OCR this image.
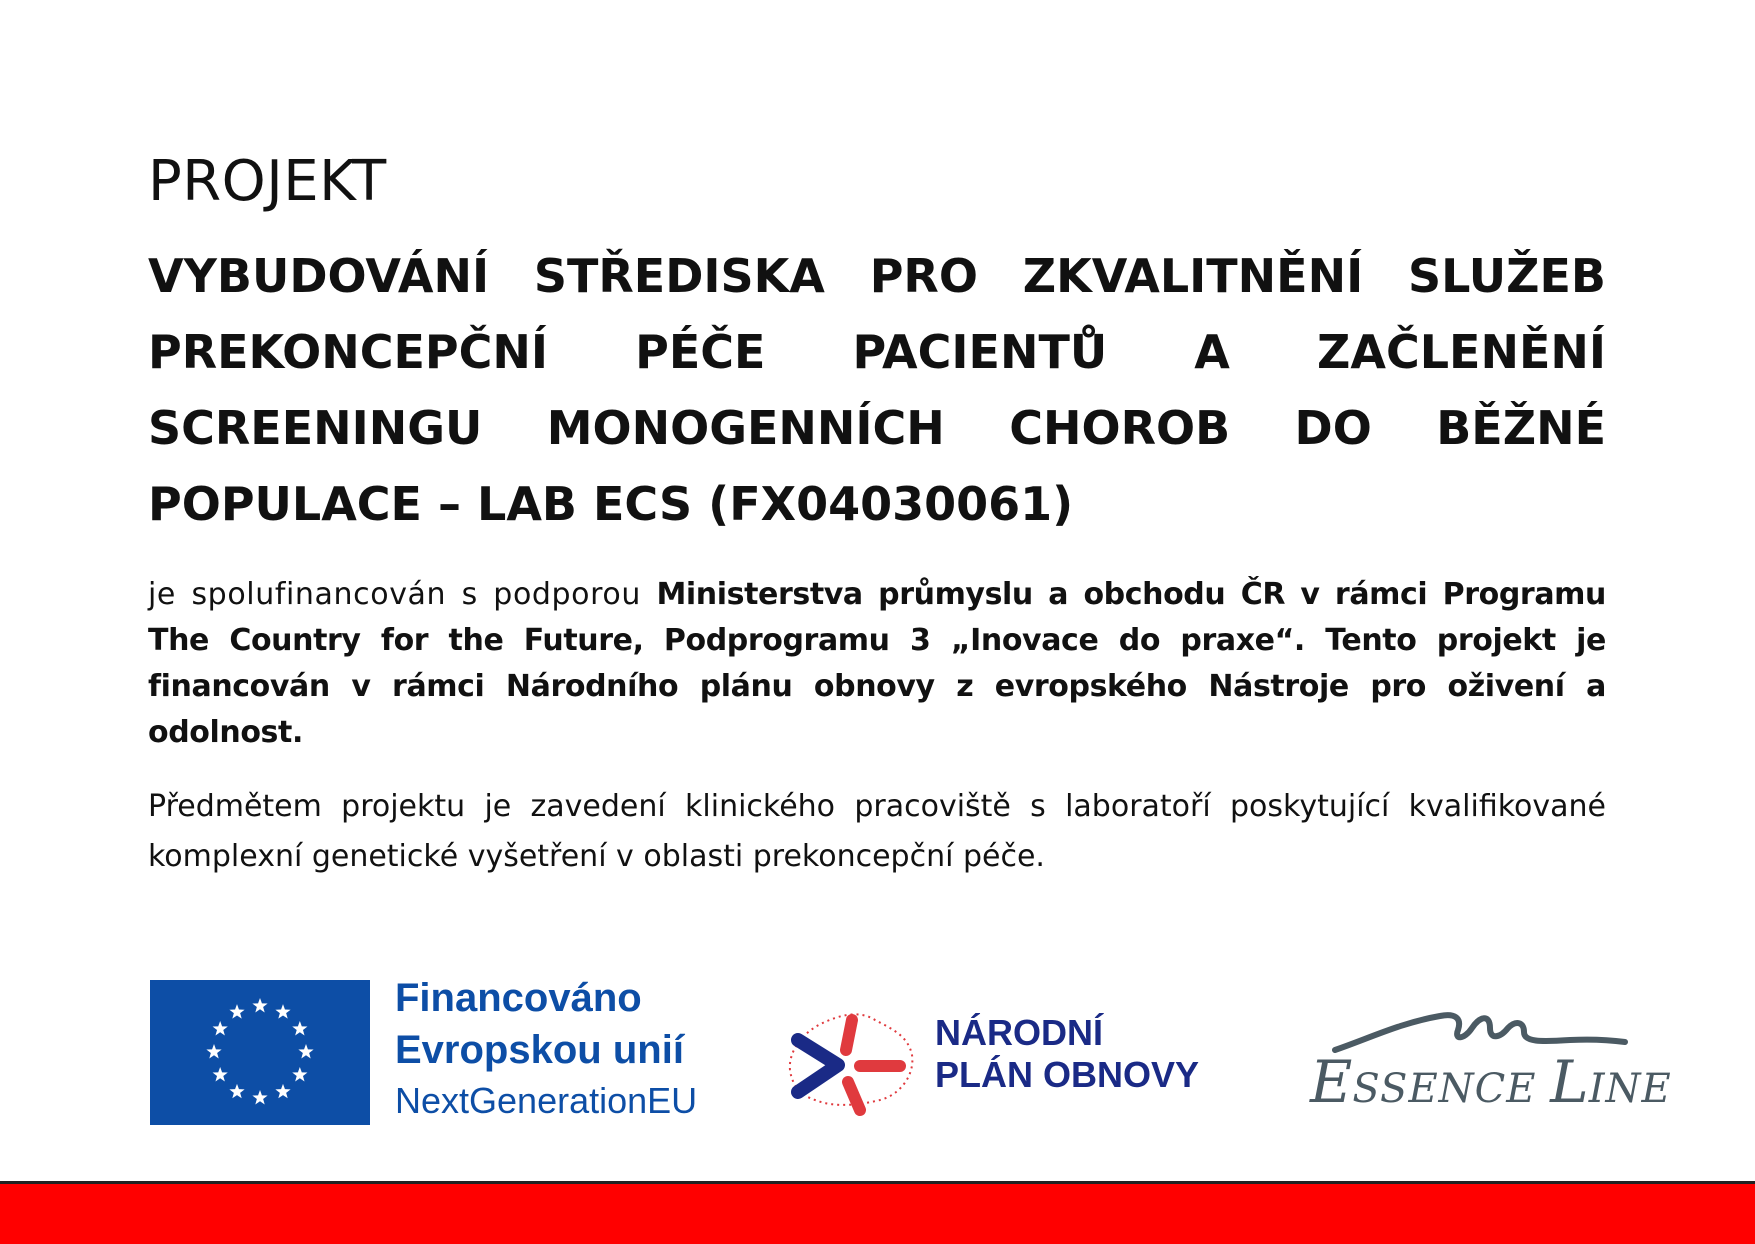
PROJEKT
VYBUDOVÁNÍ STŘEDISKA PRO ZKVALITNĚNÍ SLUŽEB PREKONCEPČNÍ PÉČE PACIENTŮ A ZAČLENĚNÍ SCREENINGU MONOGENNÍCH CHOROB DO BĚŽNÉ POPULACE – LAB ECS (FX04030061)

je spolufinancován s podporou Ministerstva průmyslu a obchodu ČR v rámci Programu The Country for the Future, Podprogramu 3 „Inovace do praxe“. Tento projekt je financován v rámci Národního plánu obnovy z evropského Nástroje pro oživení a odolnost.

Předmětem projektu je zavedení klinického pracoviště s laboratoří poskytující kvalifikované komplexní genetické vyšetření v oblasti prekoncepční péče.

Financováno
Evropskou unií
NextGenerationEU
NÁRODNÍ
PLÁN OBNOVY ESSENCE LINE
